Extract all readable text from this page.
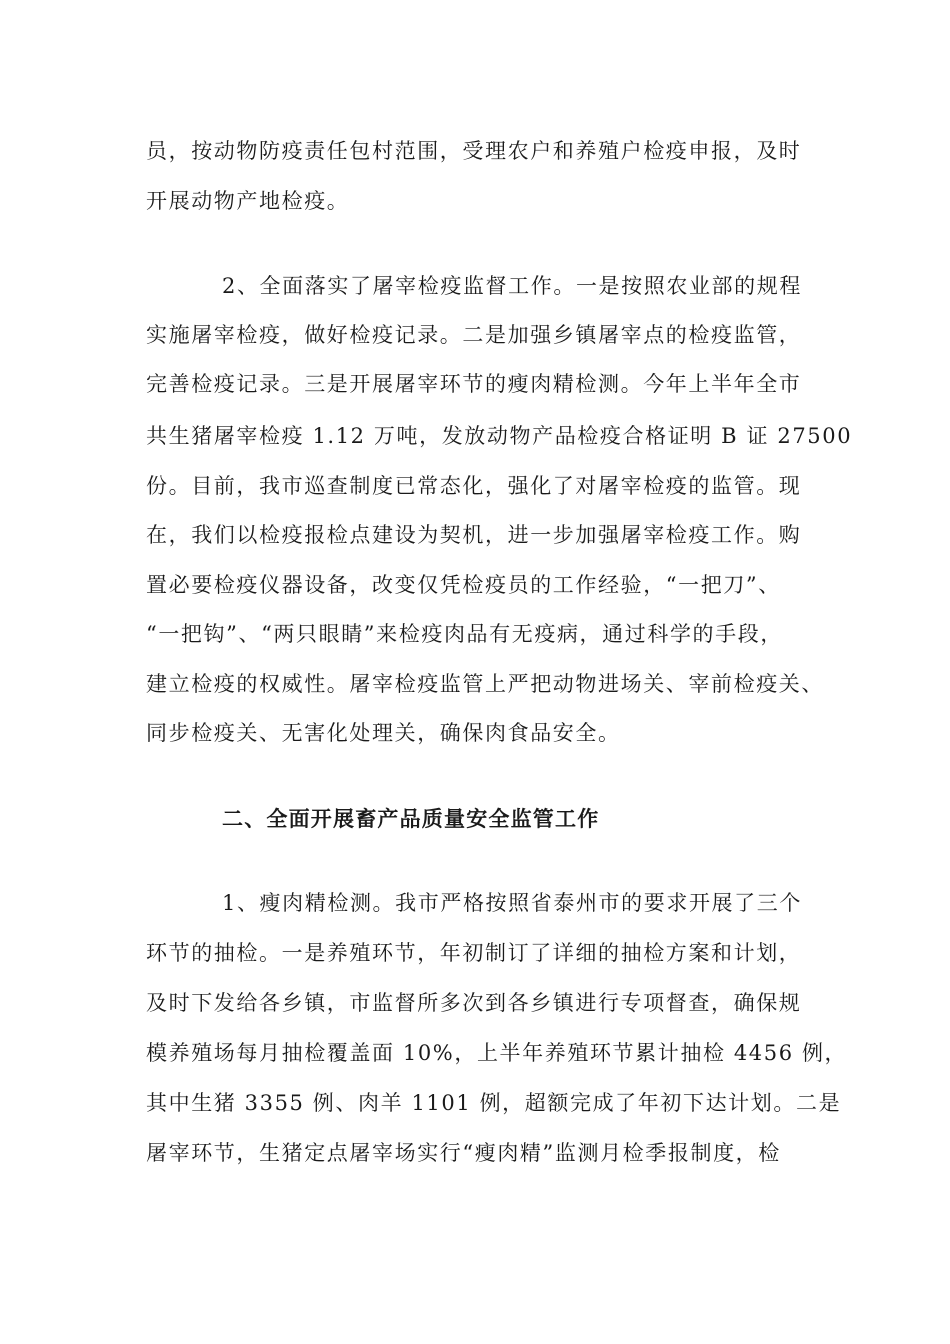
员，按动物防疫责任包村范围，受理农户和养殖户检疫申报，及时
开展动物产地检疫。
2、全面落实了屠宰检疫监督工作。一是按照农业部的规程
实施屠宰检疫，做好检疫记录。二是加强乡镇屠宰点的检疫监管，
完善检疫记录。三是开展屠宰环节的瘦肉精检测。今年上半年全市
共生猪屠宰检疫 1.12 万吨，发放动物产品检疫合格证明 B 证 27500
份。目前，我市巡查制度已常态化，强化了对屠宰检疫的监管。现
在，我们以检疫报检点建设为契机，进一步加强屠宰检疫工作。购
置必要检疫仪器设备，改变仅凭检疫员的工作经验，“一把刀”、
“一把钩”、“两只眼睛”来检疫肉品有无疫病，通过科学的手段，
建立检疫的权威性。屠宰检疫监管上严把动物进场关、宰前检疫关、
同步检疫关、无害化处理关，确保肉食品安全。
二、全面开展畜产品质量安全监管工作
1、瘦肉精检测。我市严格按照省泰州市的要求开展了三个
环节的抽检。一是养殖环节，年初制订了详细的抽检方案和计划，
及时下发给各乡镇，市监督所多次到各乡镇进行专项督查，确保规
模养殖场每月抽检覆盖面 10%，上半年养殖环节累计抽检 4456 例，
其中生猪 3355 例、肉羊 1101 例，超额完成了年初下达计划。二是
屠宰环节，生猪定点屠宰场实行“瘦肉精”监测月检季报制度，检
